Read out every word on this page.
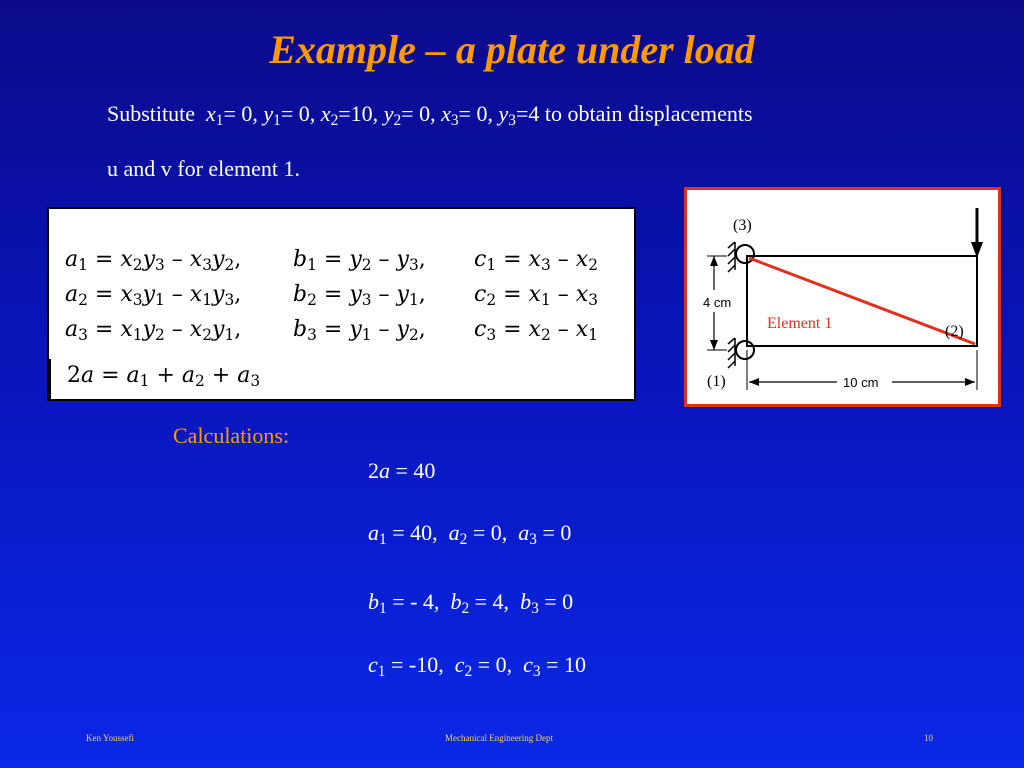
Example – a plate under load
Substitute $x_1= 0$, $y_1= 0$, $x_2=10$, $y_2= 0$, $x_3= 0$, $y_3=4$ to obtain displacements
u and v for element 1.
$a_1 = x_2y_3 - x_3y_2$,
$a_2 = x_3y_1 - x_1y_3$,
$a_3 = x_1y_2 - x_2y_1$,
$b_1 = y_2 - y_3$,
$b_2 = y_3 - y_1$,
$b_3 = y_1 - y_2$,
$c_1 = x_3 - x_2$
$c_2 = x_1 - x_3$
$c_3 = x_2 - x_1$
$2a = a_1 + a_2 + a_3$
(3)
(2)
(1)
Element 1
4 cm
10 cm
Calculations:
2a = 40
$a_1 = 40$, $a_2 = 0$, $a_3 = 0$
$b_1$ = - 4, $b_2 = 4$, $b_3 = 0$
$c_1 = -10$, $c_2 = 0$, $c_3 = 10$
Ken Youssefi	Mechanical Engineering Dept	10
